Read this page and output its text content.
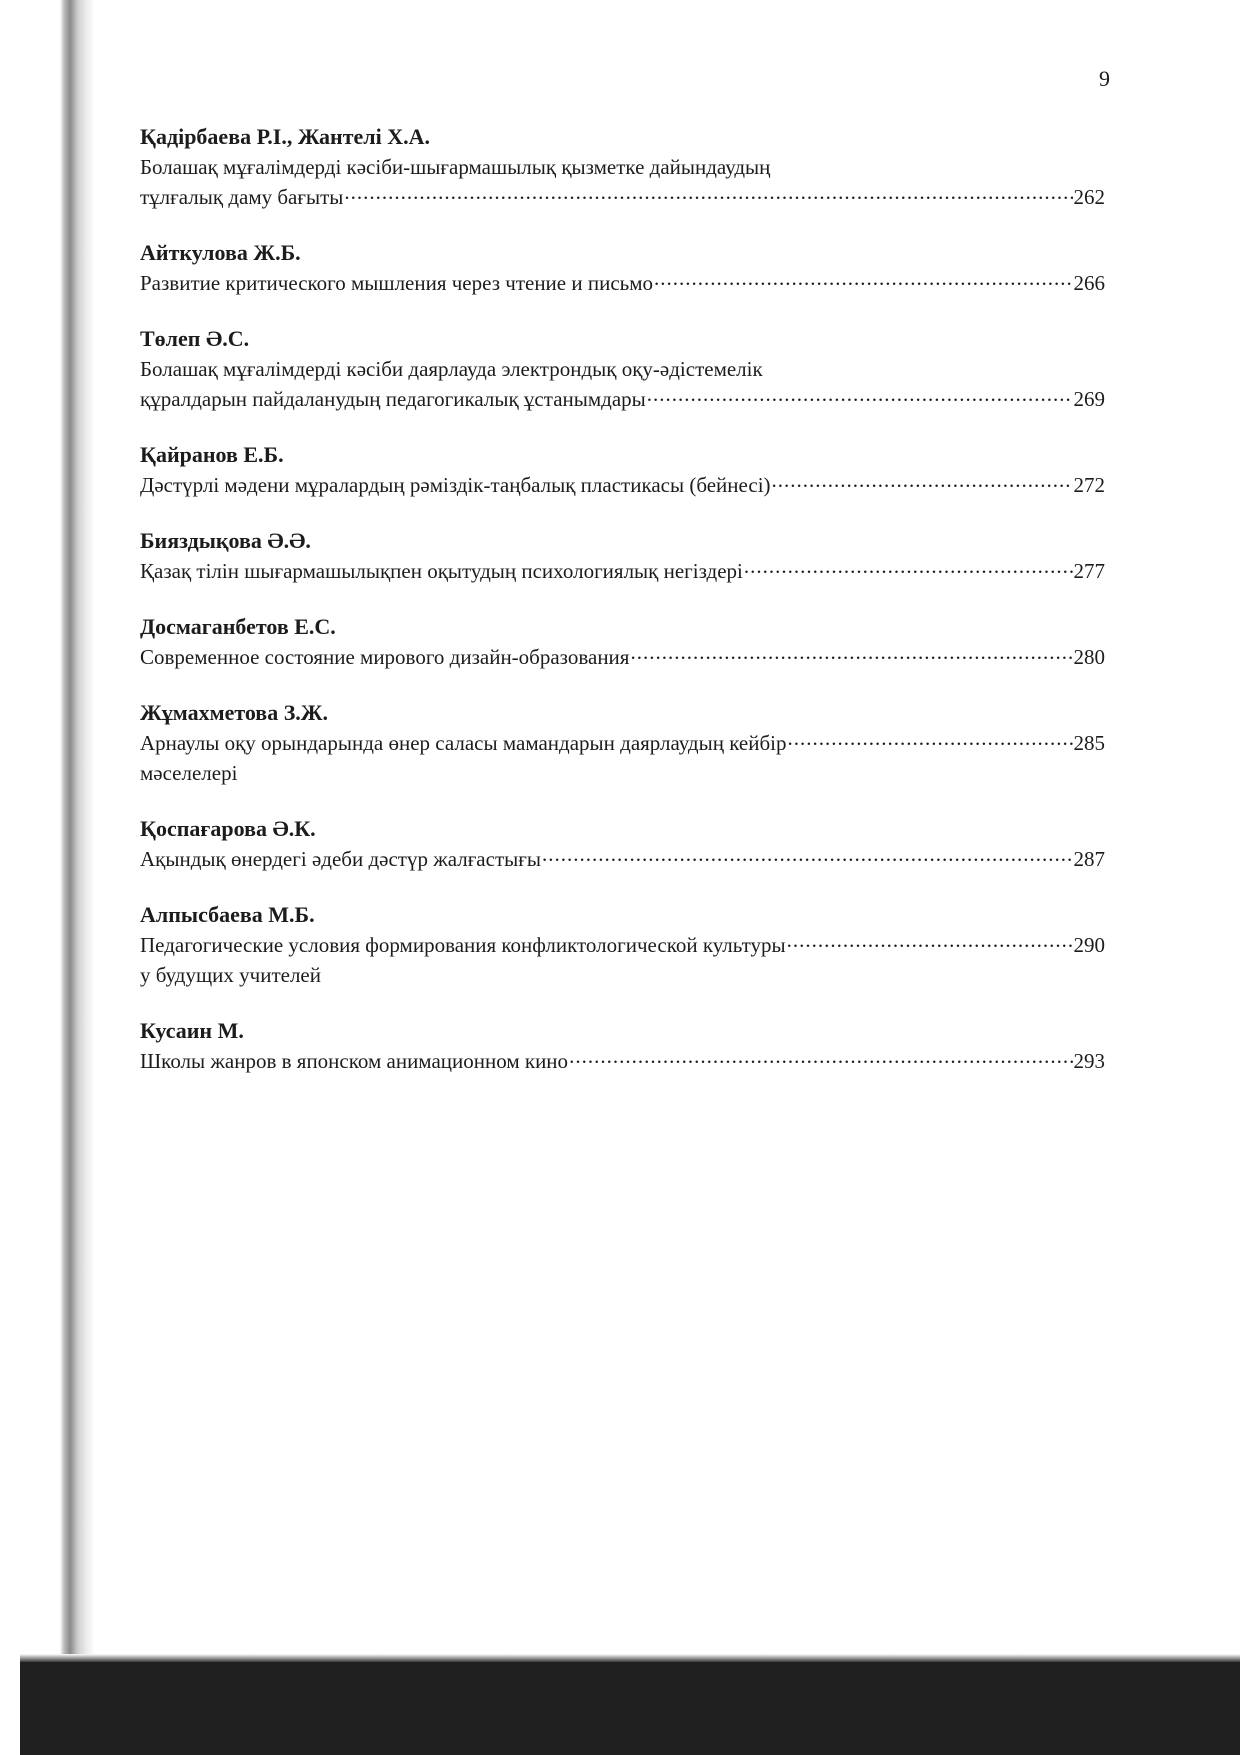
9
Қадірбаева Р.І., Жантелі Х.А.
Болашақ мұғалімдерді кәсіби-шығармашылық қызметке дайындаудың
тұлғалық даму бағыты .....	262
Айткулова Ж.Б.
Развитие критического мышления через чтение и письмо .....	266
Төлеп Ә.С.
Болашақ мұғалімдерді кәсіби даярлауда электрондық оқу-әдістемелік
құралдарын пайдаланудың педагогикалық ұстанымдары .....	269
Қайранов Е.Б.
Дәстүрлі мәдени мұралардың рәміздік-таңбалық пластикасы (бейнесі) .....	272
Бияздықова Ә.Ә.
Қазақ тілін шығармашылықпен оқытудың психологиялық негіздері .....	277
Досмаганбетов Е.С.
Современное состояние мирового дизайн-образования .....	280
Жұмахметова З.Ж.
Арнаулы оқу орындарында өнер саласы мамандарын даярлаудың кейбір .....	285
мәселелері
Қоспағарова Ә.К.
Ақындық өнердегі әдеби дәстүр жалғастығы .....	287
Алпысбаева М.Б.
Педагогические условия формирования конфликтологической культуры .....	290
у будущих учителей
Кусаин М.
Школы жанров в японском анимационном кино .....	293
